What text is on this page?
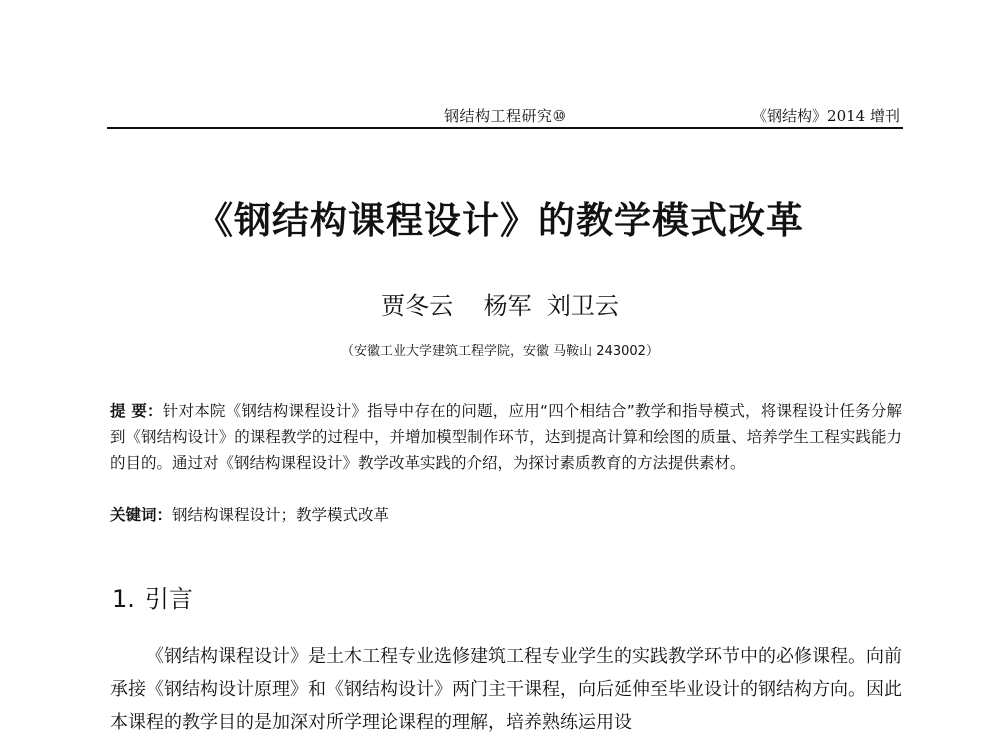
钢结构工程研究⑩	《钢结构》2014 增刊
《钢结构课程设计》的教学模式改革
贾冬云    杨军  刘卫云
（安徽工业大学建筑工程学院，安徽 马鞍山 243002）

提 要：针对本院《钢结构课程设计》指导中存在的问题，应用“四个相结合”教学和指导模式，将课程设计任务分解到《钢结构设计》的课程教学的过程中，并增加模型制作环节，达到提高计算和绘图的质量、培养学生工程实践能力的目的。通过对《钢结构课程设计》教学改革实践的介绍，为探讨素质教育的方法提供素材。

关键词：钢结构课程设计；教学模式改革

1. 引言

《钢结构课程设计》是土木工程专业选修建筑工程专业学生的实践教学环节中的必修课程。向前承接《钢结构设计原理》和《钢结构设计》两门主干课程，向后延伸至毕业设计的钢结构方向。因此本课程的教学目的是加深对所学理论课程的理解，培养熟练运用设
